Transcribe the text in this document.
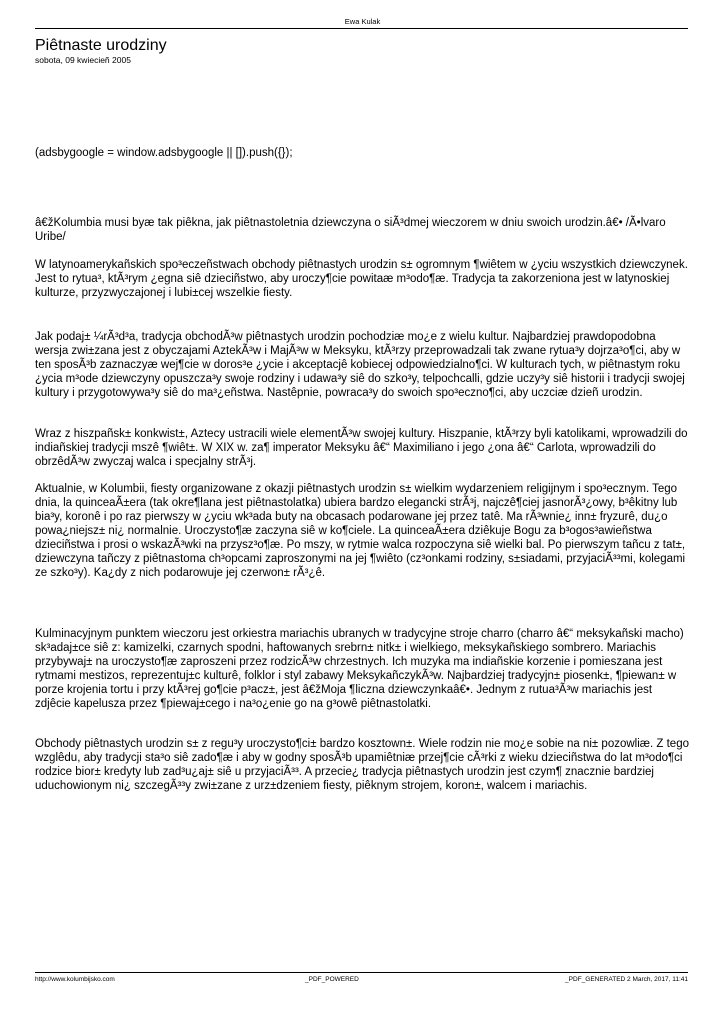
Ewa Kulak
Piêtnaste urodziny
sobota, 09 kwiecieñ 2005

(adsbygoogle = window.adsbygoogle || []).push({});

â€žKolumbia musi byæ tak piêkna, jak piêtnastoletnia dziewczyna o siÃ³dmej wieczorem w dniu swoich urodzin.â€• /Ã•lvaro Uribe/

W latynoamerykañskich spo³eczeñstwach obchody piêtnastych urodzin s± ogromnym ¶wiêtem w ¿yciu wszystkich dziewczynek. Jest to rytua³, ktÃ³rym ¿egna siê dzieciñstwo, aby uroczy¶cie powitaæ m³odo¶æ. Tradycja ta zakorzeniona jest w latynoskiej kulturze, przyzwyczajonej i lubi±cej wszelkie fiesty.

Jak podaj± ¼rÃ³d³a, tradycja obchodÃ³w piêtnastych urodzin pochodziæ mo¿e z wielu kultur. Najbardziej prawdopodobna wersja zwi±zana jest z obyczajami AztekÃ³w i MajÃ³w w Meksyku, ktÃ³rzy przeprowadzali tak zwane rytua³y dojrza³o¶ci, aby w ten sposÃ³b zaznaczyæ wej¶cie w doros³e ¿ycie i akceptacjê kobiecej odpowiedzialno¶ci. W kulturach tych, w piêtnastym roku ¿ycia m³ode dziewczyny opuszcza³y swoje rodziny i udawa³y siê do szko³y, telpochcalli, gdzie uczy³y siê historii i tradycji swojej kultury i przygotowywa³y siê do ma³¿eñstwa. Nastêpnie, powraca³y do swoich spo³eczno¶ci, aby uczciæ dzieñ urodzin.

Wraz z hiszpañsk± konkwist±, Aztecy ustracili wiele elementÃ³w swojej kultury. Hiszpanie, ktÃ³rzy byli katolikami, wprowadzili do indiañskiej tradycji mszê ¶wiêt±. W XIX w. za¶ imperator Meksyku â€“ Maximiliano i jego ¿ona â€“ Carlota, wprowadzili do obrzêdÃ³w zwyczaj walca i specjalny strÃ³j.

Aktualnie, w Kolumbii, fiesty organizowane z okazji piêtnastych urodzin s± wielkim wydarzeniem religijnym i spo³ecznym. Tego dnia, la quinceaÃ±era (tak okre¶lana jest piêtnastolatka) ubiera bardzo elegancki strÃ³j, najczê¶ciej jasnorÃ³¿owy, b³êkitny lub bia³y, koronê i po raz pierwszy w ¿yciu wk³ada buty na obcasach podarowane jej przez tatê. Ma rÃ³wnie¿ inn± fryzurê, du¿o powa¿niejsz± ni¿ normalnie. Uroczysto¶æ zaczyna siê w ko¶ciele. La quinceaÃ±era dziêkuje Bogu za b³ogos³awieñstwa dzieciñstwa i prosi o wskazÃ³wki na przysz³o¶æ. Po mszy, w rytmie walca rozpoczyna siê wielki bal. Po pierwszym tañcu z tat±, dziewczyna tañczy z piêtnastoma ch³opcami zaproszonymi na jej ¶wiêto (cz³onkami rodziny, s±siadami, przyjaciÃ³³mi, kolegami ze szko³y). Ka¿dy z nich podarowuje jej czerwon± rÃ³¿ê.

Kulminacyjnym punktem wieczoru jest orkiestra mariachis ubranych w tradycyjne stroje charro (charro â€“ meksykañski macho) sk³adaj±ce siê z: kamizelki, czarnych spodni, haftowanych srebrn± nitk± i wielkiego, meksykañskiego sombrero. Mariachis przybywaj± na uroczysto¶æ zaproszeni przez rodzicÃ³w chrzestnych. Ich muzyka ma indiañskie korzenie i pomieszana jest rytmami mestizos, reprezentuj±c kulturê, folklor i styl zabawy MeksykañczykÃ³w. Najbardziej tradycyjn± piosenk±, ¶piewan± w porze krojenia tortu i przy ktÃ³rej go¶cie p³acz±, jest â€žMoja ¶liczna dziewczynkaâ€•. Jednym z rutua³Ã³w mariachis jest zdjêcie kapelusza przez ¶piewaj±cego i na³o¿enie go na g³owê piêtnastolatki.

Obchody piêtnastych urodzin s± z regu³y uroczysto¶ci± bardzo kosztown±. Wiele rodzin nie mo¿e sobie na ni± pozowliæ. Z tego wzglêdu, aby tradycji sta³o siê zado¶æ i aby w godny sposÃ³b upamiêtniæ przej¶cie cÃ³rki z wieku dzieciñstwa do lat m³odo¶ci rodzice bior± kredyty lub zad³u¿aj± siê u przyjaciÃ³³. A przecie¿ tradycja piêtnastych urodzin jest czym¶ znacznie bardziej uduchowionym ni¿ szczegÃ³³y zwi±zane z urz±dzeniem fiesty, piêknym strojem, koron±, walcem i mariachis.

http://www.kolumbijsko.com	_PDF_POWERED	_PDF_GENERATED 2 March, 2017, 11:41
